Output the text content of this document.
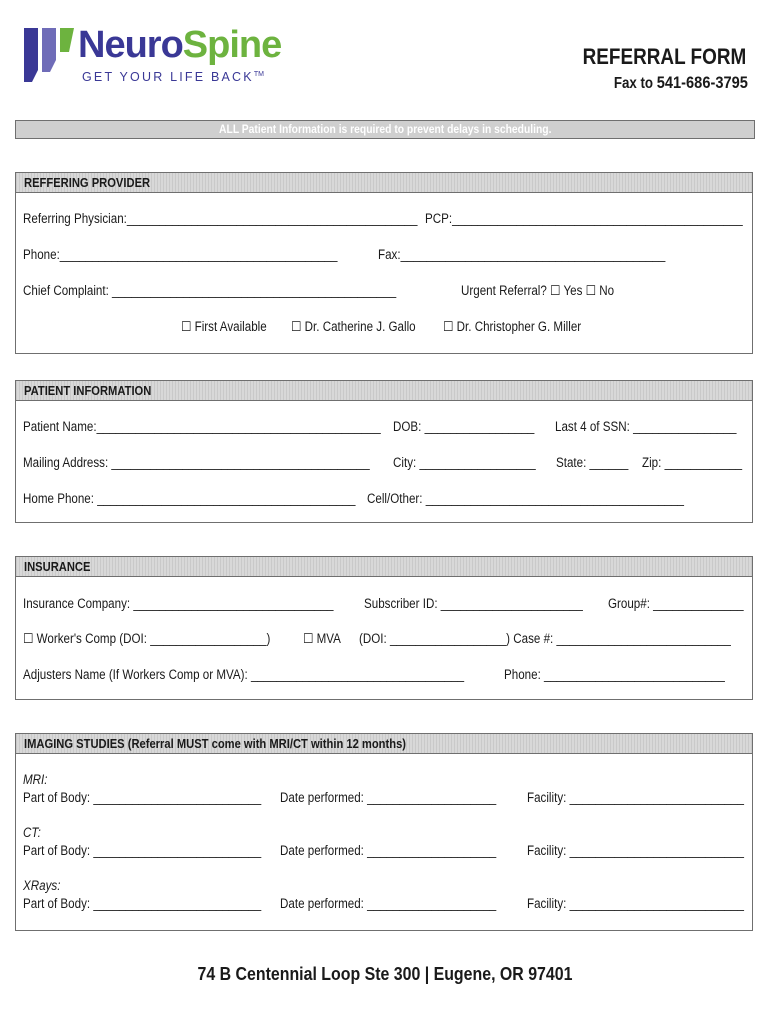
NeuroSpine
GET YOUR LIFE BACK™
REFERRAL FORM
Fax to 541-686-3795
ALL Patient Information is required to prevent delays in scheduling.
REFFERING PROVIDER
Referring Physician:_____________________________________________ PCP:_____________________________________________
Phone:___________________________________________	Fax:_________________________________________
Chief Complaint: ____________________________________________	Urgent Referral? ☐ Yes ☐ No
☐ First Available	☐ Dr. Catherine J. Gallo	☐ Dr. Christopher G. Miller
PATIENT INFORMATION
Patient Name:____________________________________________ DOB: _________________	Last 4 of SSN: ________________
Mailing Address: ________________________________________	City: __________________	State: ______	Zip: ____________
Home Phone: ________________________________________ Cell/Other: ________________________________________
INSURANCE
Insurance Company: _______________________________	Subscriber ID: ______________________	Group#: ______________
☐ Worker's Comp (DOI: __________________)	☐ MVA	(DOI: __________________) Case #: ___________________________
Adjusters Name (If Workers Comp or MVA): _________________________________	Phone: ____________________________
IMAGING STUDIES (Referral MUST come with MRI/CT within 12 months)
MRI:
Part of Body: __________________________	Date performed: ____________________	Facility: ___________________________
CT:
Part of Body: __________________________	Date performed: ____________________	Facility: ___________________________
XRays:
Part of Body: __________________________	Date performed: ____________________	Facility: ___________________________
74 B Centennial Loop Ste 300 | Eugene, OR 97401
